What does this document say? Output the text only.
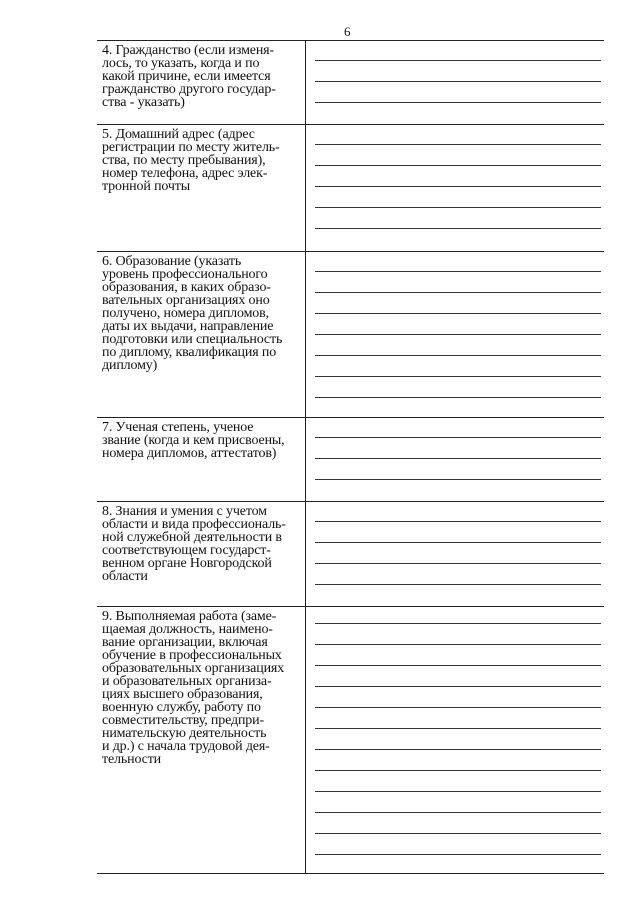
6
4. Гражданство (если изменя-
лось, то указать, когда и по
какой причине, если имеется
гражданство другого государ-
ства - указать)
5. Домашний адрес (адрес
регистрации по месту житель-
ства, по месту пребывания),
номер телефона, адрес элек-
тронной почты
6. Образование (указать
уровень профессионального
образования, в каких образо-
вательных организациях оно
получено, номера дипломов,
даты их выдачи, направление
подготовки или специальность
по диплому, квалификация по
диплому)
7. Ученая степень, ученое
звание (когда и кем присвоены,
номера дипломов, аттестатов)
8. Знания и умения с учетом
области и вида профессиональ-
ной служебной деятельности в
соответствующем государст-
венном органе Новгородской
области
9. Выполняемая работа (заме-
щаемая должность, наимено-
вание организации, включая
обучение в профессиональных
образовательных организациях
и образовательных организа-
циях высшего образования,
военную службу, работу по
совместительству, предпри-
нимательскую деятельность
и др.) с начала трудовой дея-
тельности
